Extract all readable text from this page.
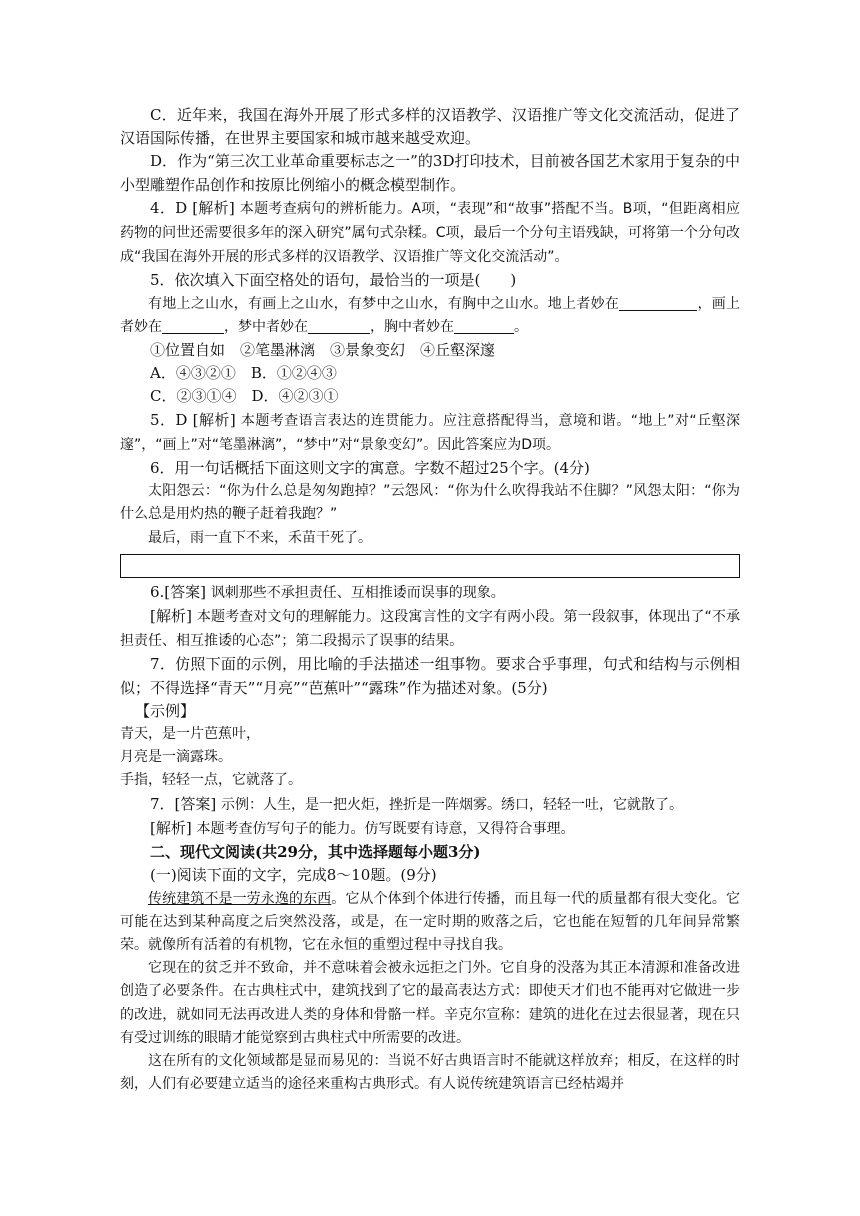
C．近年来，我国在海外开展了形式多样的汉语教学、汉语推广等文化交流活动，促进了汉语国际传播，在世界主要国家和城市越来越受欢迎。

D．作为“第三次工业革命重要标志之一”的3D打印技术，目前被各国艺术家用于复杂的中小型雕塑作品创作和按原比例缩小的概念模型制作。

4．D [解析] 本题考查病句的辨析能力。A项，“表现”和“故事”搭配不当。B项，“但距离相应药物的问世还需要很多年的深入研究”属句式杂糅。C项，最后一个分句主语残缺，可将第一个分句改成“我国在海外开展的形式多样的汉语教学、汉语推广等文化交流活动”。

5．依次填入下面空格处的语句，最恰当的一项是(　　)

有地上之山水，有画上之山水，有梦中之山水，有胸中之山水。地上者妙在	，画上者妙在	，梦中者妙在	，胸中者妙在	。

①位置自如　②笔墨淋漓　③景象变幻　④丘壑深邃

A．④③②①　B．①②④③

C．②③①④　D．④②③①

5．D [解析] 本题考查语言表达的连贯能力。应注意搭配得当，意境和谐。“地上”对“丘壑深邃”，“画上”对“笔墨淋漓”，“梦中”对“景象变幻”。因此答案应为D项。

6．用一句话概括下面这则文字的寓意。字数不超过25个字。(4分)

太阳怨云：“你为什么总是匆匆跑掉？”云怨风：“你为什么吹得我站不住脚？”风怨太阳：“你为什么总是用灼热的鞭子赶着我跑？”

最后，雨一直下不来，禾苗干死了。

6.[答案] 讽刺那些不承担责任、互相推诿而误事的现象。

[解析] 本题考查对文句的理解能力。这段寓言性的文字有两小段。第一段叙事，体现出了“不承担责任、相互推诿的心态”；第二段揭示了误事的结果。

7．仿照下面的示例，用比喻的手法描述一组事物。要求合乎事理，句式和结构与示例相似；不得选择“青天”“月亮”“芭蕉叶”“露珠”作为描述对象。(5分)

【示例】

青天，是一片芭蕉叶，

月亮是一滴露珠。

手指，轻轻一点，它就落了。

7．[答案] 示例：人生，是一把火炬，挫折是一阵烟雾。绣口，轻轻一吐，它就散了。

[解析] 本题考查仿写句子的能力。仿写既要有诗意，又得符合事理。

二、现代文阅读(共29分，其中选择题每小题3分)

(一)阅读下面的文字，完成8～10题。(9分)

传统建筑不是一劳永逸的东西。它从个体到个体进行传播，而且每一代的质量都有很大变化。它可能在达到某种高度之后突然没落，或是，在一定时期的败落之后，它也能在短暂的几年间异常繁荣。就像所有活着的有机物，它在永恒的重塑过程中寻找自我。

它现在的贫乏并不致命，并不意味着会被永远拒之门外。它自身的没落为其正本清源和准备改进创造了必要条件。在古典柱式中，建筑找到了它的最高表达方式：即使天才们也不能再对它做进一步的改进，就如同无法再改进人类的身体和骨骼一样。辛克尔宣称：建筑的进化在过去很显著，现在只有受过训练的眼睛才能觉察到古典柱式中所需要的改进。

这在所有的文化领域都是显而易见的：当说不好古典语言时不能就这样放弃；相反，在这样的时刻，人们有必要建立适当的途径来重构古典形式。有人说传统建筑语言已经枯竭并
